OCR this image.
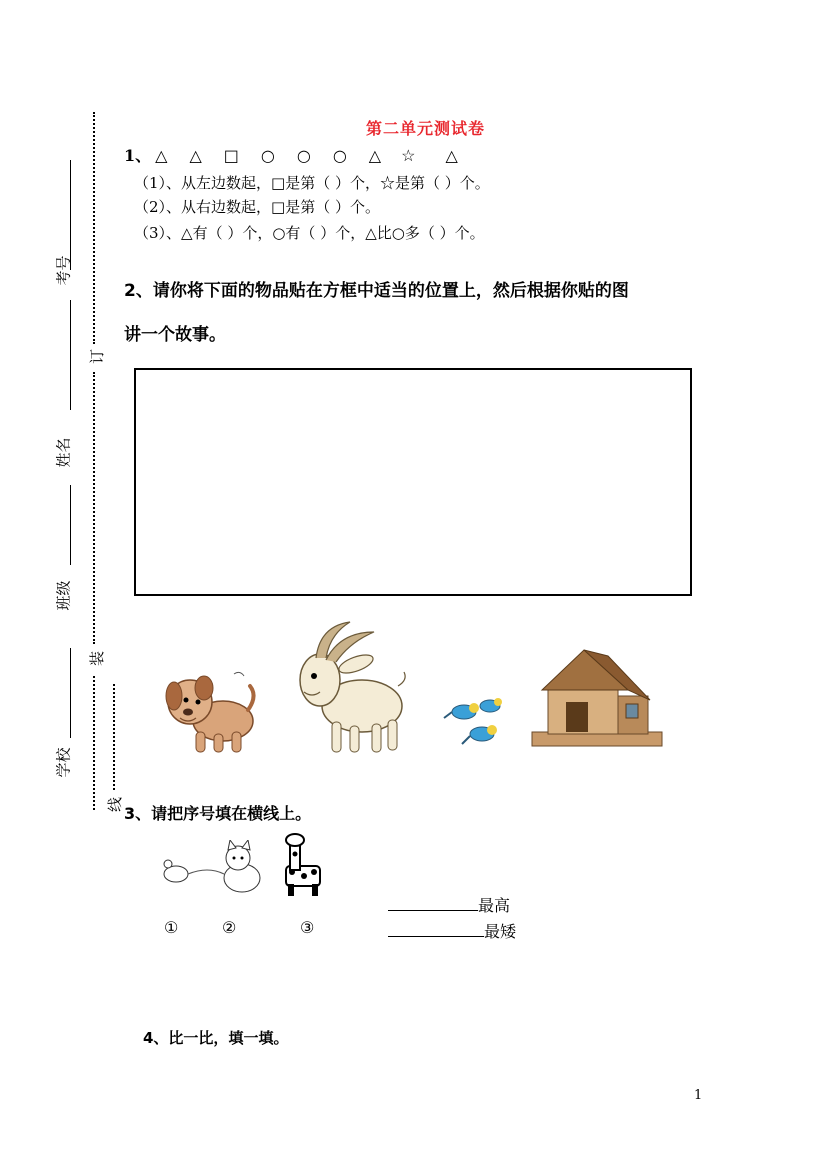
考号
姓名
班级
学校
订
装
线
第二单元测试卷
1、 △ △ □ ○ ○ ○ △ ☆ △
（1）、从左边数起，□是第（ ）个，☆是第（ ）个。
（2）、从右边数起，□是第（ ）个。
（3）、△有（ ）个，○有（ ）个，△比○多（ ）个。
2、请你将下面的物品贴在方框中适当的位置上，然后根据你贴的图
讲一个故事。
3、请把序号填在横线上。
①	②	③
最高
最矮
4、比一比，填一填。
1
